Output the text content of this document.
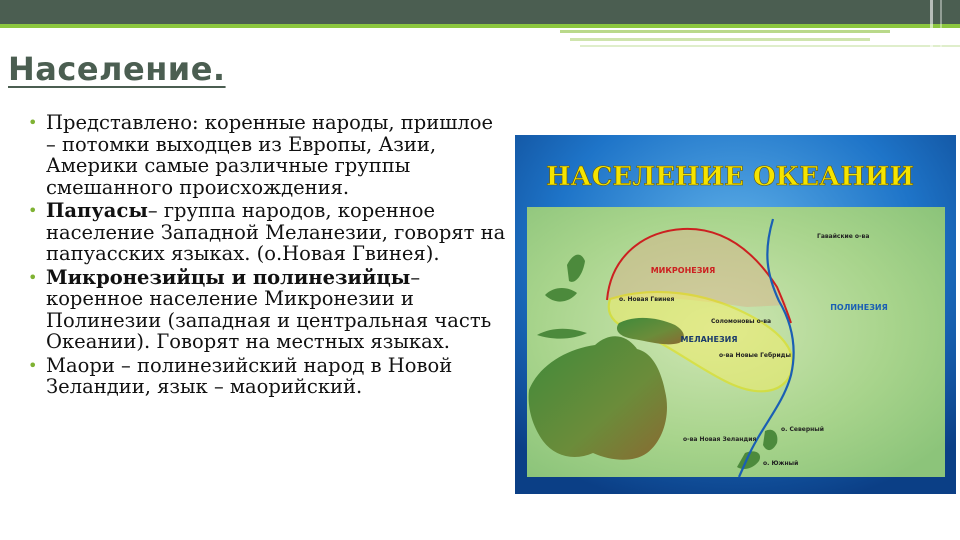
Население.
• Представлено: коренные народы, пришлое – потомки выходцев из Европы, Азии, Америки самые различные группы смешанного происхождения.
• Папуасы– группа народов, коренное население Западной Меланезии, говорят на папуасских языках. (о.Новая Гвинея).
• Микронезийцы и полинезийцы– коренное население Микронезии и Полинезии (западная и центральная часть Океании). Говорят на местных языках.
• Маори – полинезийский народ в Новой Зеландии, язык – маорийский.
НАСЕЛЕНИЕ ОКЕАНИИ
МИКРОНЕЗИЯ
МЕЛАНЕЗИЯ
ПОЛИНЕЗИЯ
Гавайские о-ва
о. Новая Гвинея
Соломоновы о-ва
о-ва Новые Гебриды
о-ва Новая Зеландия
о. Северный
о. Южный
